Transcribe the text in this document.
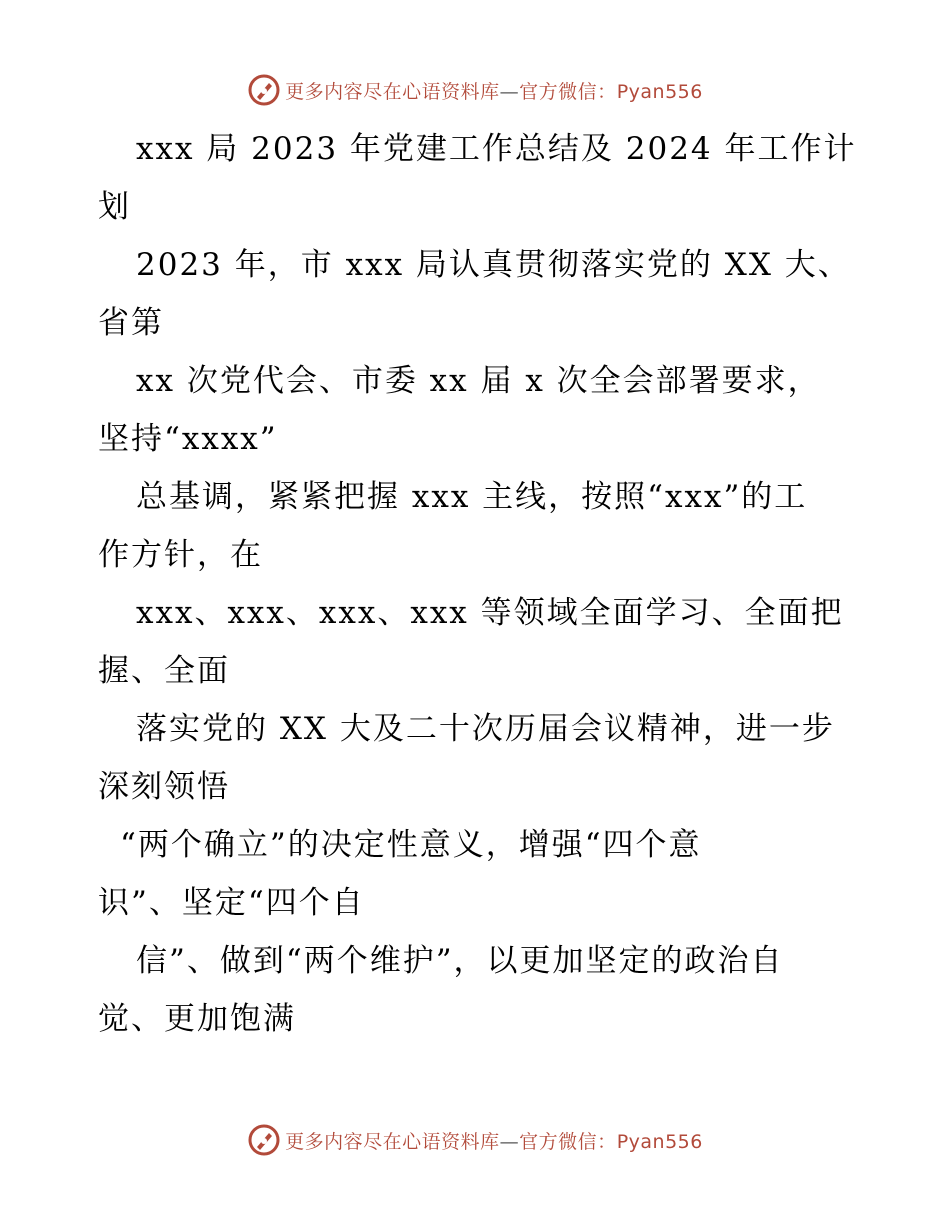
更多内容尽在心语资料库—官方微信：Pyan556
xxx 局 2023 年党建工作总结及 2024 年工作计
划
2023 年，市 xxx 局认真贯彻落实党的 XX 大、
省第
xx 次党代会、市委 xx 届 x 次全会部署要求，
坚持“xxxx”
总基调，紧紧把握 xxx 主线，按照“xxx”的工
作方针，在
xxx、xxx、xxx、xxx 等领域全面学习、全面把
握、全面
落实党的 XX 大及二十次历届会议精神，进一步
深刻领悟
“两个确立”的决定性意义，增强“四个意
识”、坚定“四个自
信”、做到“两个维护”，以更加坚定的政治自
觉、更加饱满
更多内容尽在心语资料库—官方微信：Pyan556
